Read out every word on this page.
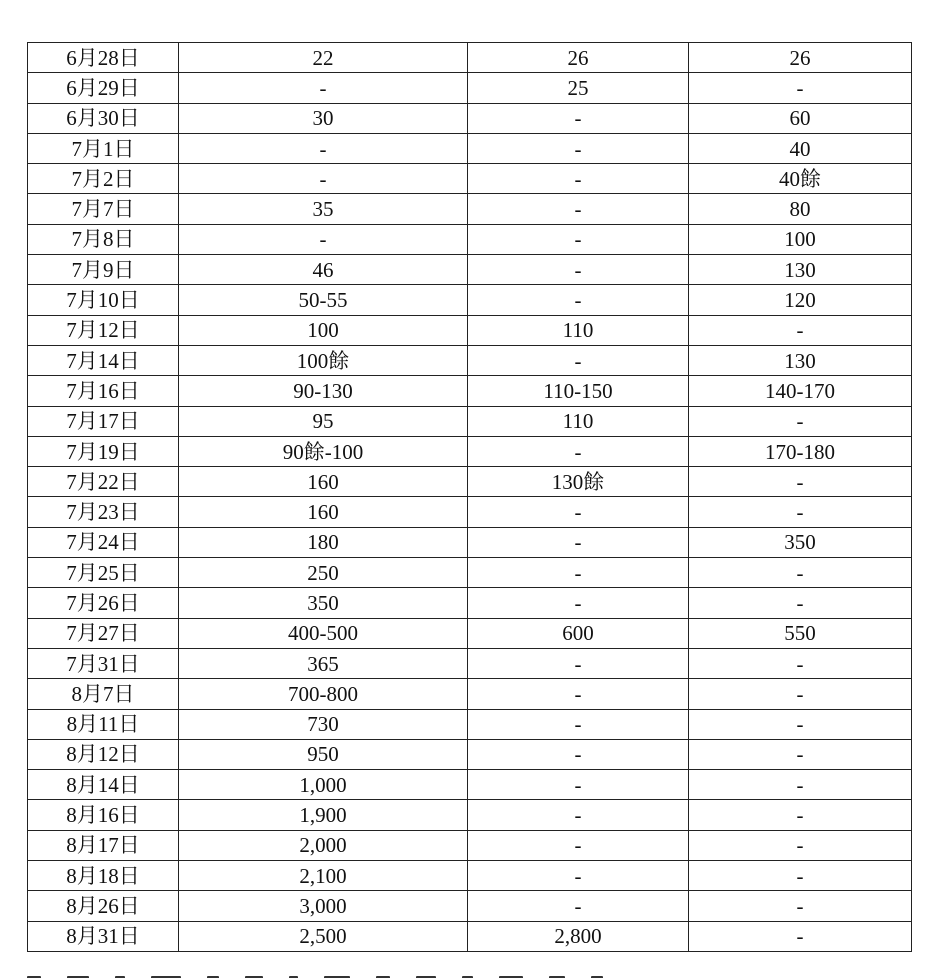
6月28日	22	26	26
6月29日	-	25	-
6月30日	30	-	60
7月1日	-	-	40
7月2日	-	-	40餘
7月7日	35	-	80
7月8日	-	-	100
7月9日	46	-	130
7月10日	50-55	-	120
7月12日	100	110	-
7月14日	100餘	-	130
7月16日	90-130	110-150	140-170
7月17日	95	110	-
7月19日	90餘-100	-	170-180
7月22日	160	130餘	-
7月23日	160	-	-
7月24日	180	-	350
7月25日	250	-	-
7月26日	350	-	-
7月27日	400-500	600	550
7月31日	365	-	-
8月7日	700-800	-	-
8月11日	730	-	-
8月12日	950	-	-
8月14日	1,000	-	-
8月16日	1,900	-	-
8月17日	2,000	-	-
8月18日	2,100	-	-
8月26日	3,000	-	-
8月31日	2,500	2,800	-
